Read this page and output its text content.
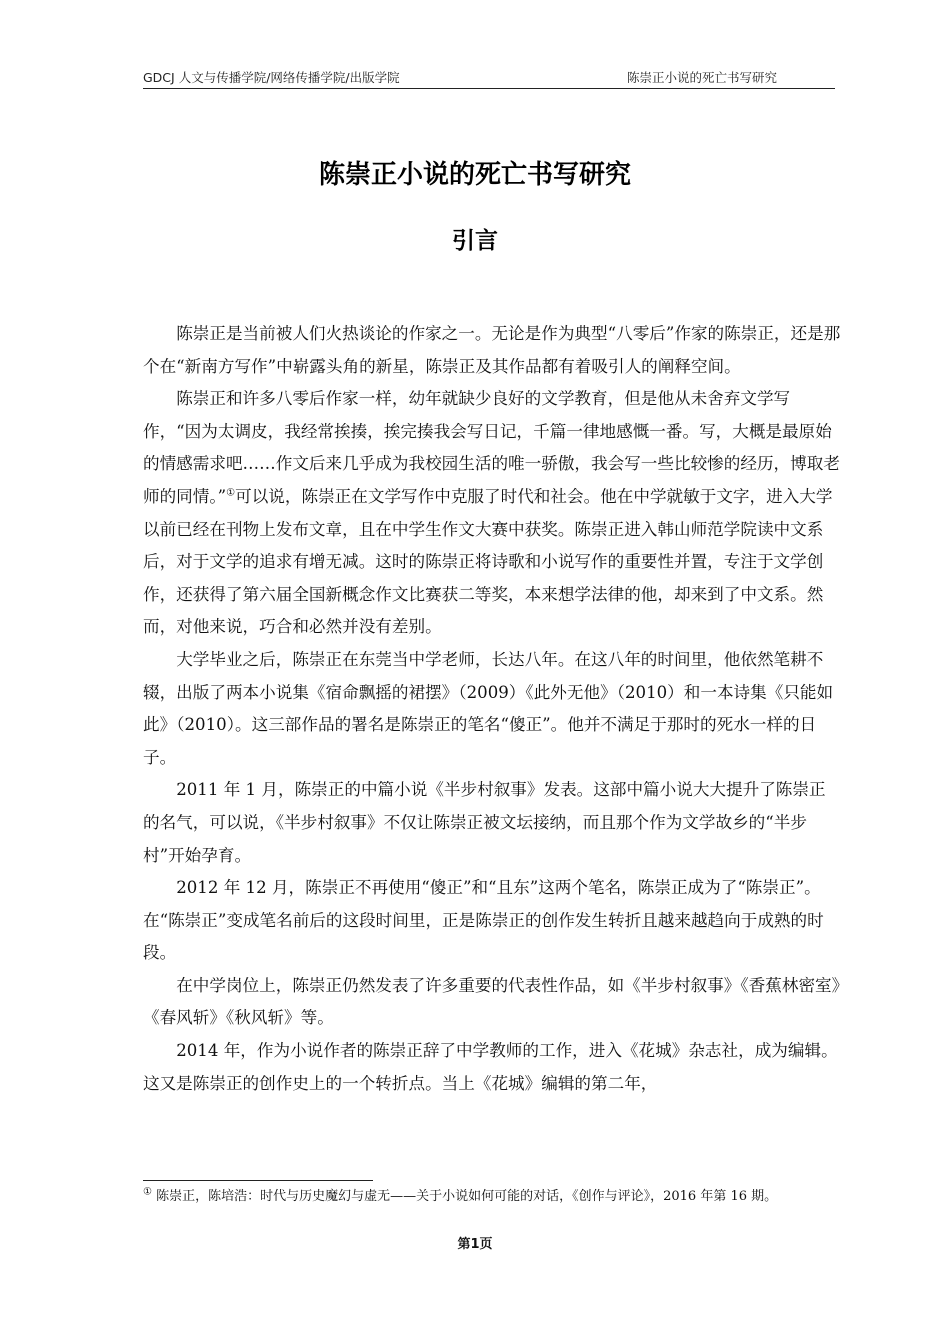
GDCJ 人文与传播学院/网络传播学院/出版学院	陈崇正小说的死亡书写研究
陈崇正小说的死亡书写研究
引言

陈崇正是当前被人们火热谈论的作家之一。无论是作为典型“八零后”作家的陈崇正，还是那个在“新南方写作”中崭露头角的新星，陈崇正及其作品都有着吸引人的阐释空间。

陈崇正和许多八零后作家一样，幼年就缺少良好的文学教育，但是他从未舍弃文学写作，“因为太调皮，我经常挨揍，挨完揍我会写日记，千篇一律地感慨一番。写，大概是最原始的情感需求吧……作文后来几乎成为我校园生活的唯一骄傲，我会写一些比较惨的经历，博取老师的同情。”①可以说，陈崇正在文学写作中克服了时代和社会。他在中学就敏于文字，进入大学以前已经在刊物上发布文章，且在中学生作文大赛中获奖。陈崇正进入韩山师范学院读中文系后，对于文学的追求有增无减。这时的陈崇正将诗歌和小说写作的重要性并置，专注于文学创作，还获得了第六届全国新概念作文比赛获二等奖，本来想学法律的他，却来到了中文系。然而，对他来说，巧合和必然并没有差别。

大学毕业之后，陈崇正在东莞当中学老师，长达八年。在这八年的时间里，他依然笔耕不辍，出版了两本小说集《宿命飘摇的裙摆》（2009）《此外无他》（2010）和一本诗集《只能如此》（2010）。这三部作品的署名是陈崇正的笔名“傻正”。他并不满足于那时的死水一样的日子。

2011 年 1 月，陈崇正的中篇小说《半步村叙事》发表。这部中篇小说大大提升了陈崇正的名气，可以说，《半步村叙事》不仅让陈崇正被文坛接纳，而且那个作为文学故乡的“半步村”开始孕育。

2012 年 12 月，陈崇正不再使用“傻正”和“且东”这两个笔名，陈崇正成为了“陈崇正”。在“陈崇正”变成笔名前后的这段时间里，正是陈崇正的创作发生转折且越来越趋向于成熟的时段。

在中学岗位上，陈崇正仍然发表了许多重要的代表性作品，如《半步村叙事》《香蕉林密室》《春风斩》《秋风斩》等。

2014 年，作为小说作者的陈崇正辞了中学教师的工作，进入《花城》杂志社，成为编辑。这又是陈崇正的创作史上的一个转折点。当上《花城》编辑的第二年，

① 陈崇正，陈培浩：时代与历史魔幻与虚无——关于小说如何可能的对话，《创作与评论》，2016 年第 16 期。
第1页
